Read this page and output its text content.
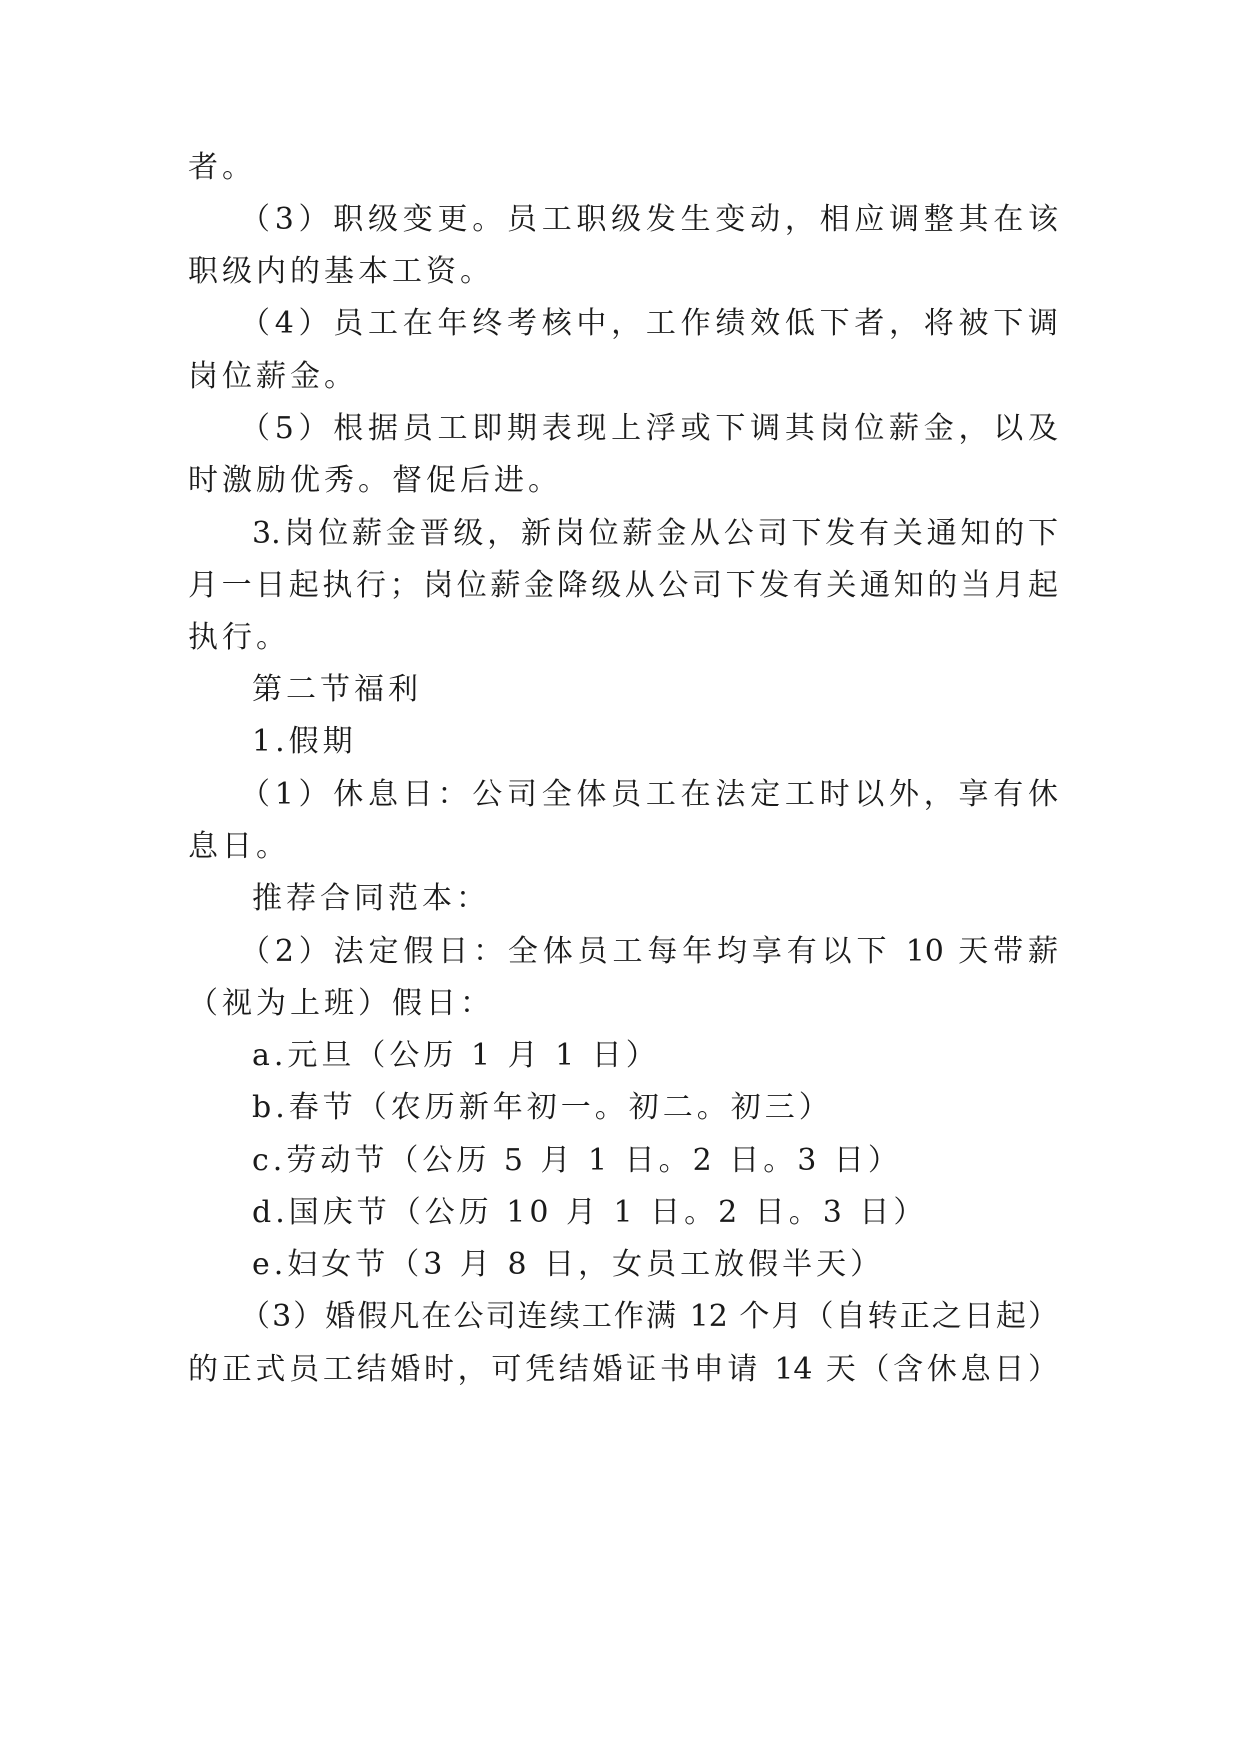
者。
（3）职级变更。员工职级发生变动，相应调整其在该
职级内的基本工资。
（4）员工在年终考核中，工作绩效低下者，将被下调
岗位薪金。
（5）根据员工即期表现上浮或下调其岗位薪金，以及
时激励优秀。督促后进。
3.岗位薪金晋级，新岗位薪金从公司下发有关通知的下
月一日起执行；岗位薪金降级从公司下发有关通知的当月起
执行。
第二节福利
1.假期
（1）休息日：公司全体员工在法定工时以外，享有休
息日。
推荐合同范本：
（2）法定假日：全体员工每年均享有以下 10 天带薪
（视为上班）假日：
a.元旦（公历 1 月 1 日）
b.春节（农历新年初一。初二。初三）
c.劳动节（公历 5 月 1 日。2 日。3 日）
d.国庆节（公历 10 月 1 日。2 日。3 日）
e.妇女节（3 月 8 日，女员工放假半天）
（3）婚假凡在公司连续工作满 12 个月（自转正之日起）
的正式员工结婚时，可凭结婚证书申请 14 天（含休息日）
